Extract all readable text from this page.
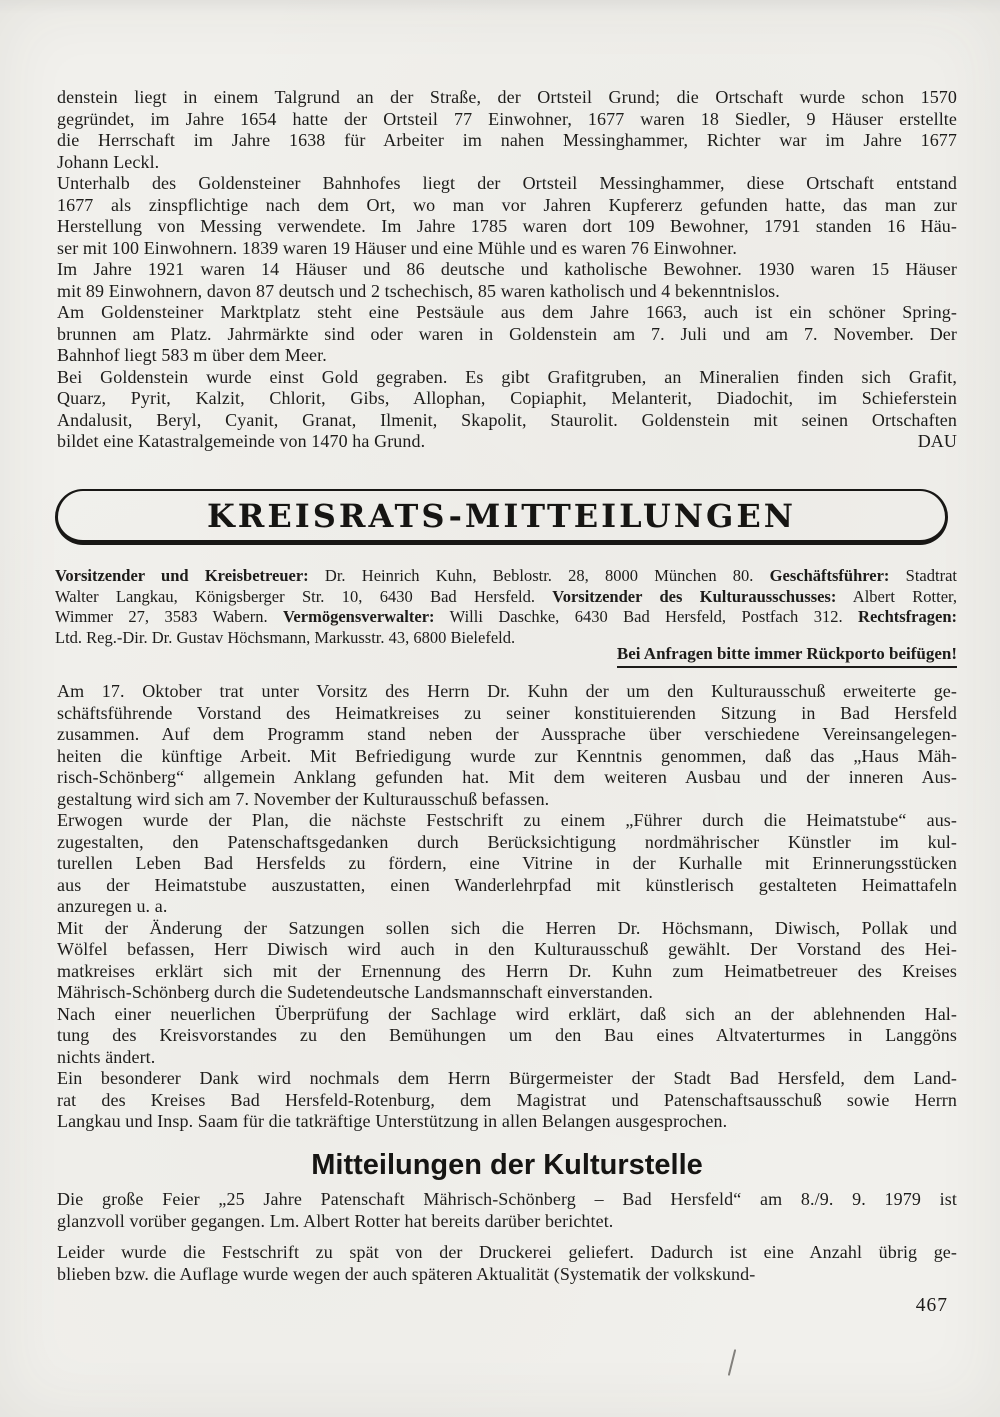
denstein liegt in einem Talgrund an der Straße, der Ortsteil Grund; die Ortschaft wurde schon 1570
gegründet, im Jahre 1654 hatte der Ortsteil 77 Einwohner, 1677 waren 18 Siedler, 9 Häuser erstellte
die Herrschaft im Jahre 1638 für Arbeiter im nahen Messinghammer, Richter war im Jahre 1677
Johann Leckl.
Unterhalb des Goldensteiner Bahnhofes liegt der Ortsteil Messinghammer, diese Ortschaft entstand
1677 als zinspflichtige nach dem Ort, wo man vor Jahren Kupfererz gefunden hatte, das man zur
Herstellung von Messing verwendete. Im Jahre 1785 waren dort 109 Bewohner, 1791 standen 16 Häu-
ser mit 100 Einwohnern. 1839 waren 19 Häuser und eine Mühle und es waren 76 Einwohner.
Im Jahre 1921 waren 14 Häuser und 86 deutsche und katholische Bewohner. 1930 waren 15 Häuser
mit 89 Einwohnern, davon 87 deutsch und 2 tschechisch, 85 waren katholisch und 4 bekenntnislos.
Am Goldensteiner Marktplatz steht eine Pestsäule aus dem Jahre 1663, auch ist ein schöner Spring-
brunnen am Platz. Jahrmärkte sind oder waren in Goldenstein am 7. Juli und am 7. November. Der
Bahnhof liegt 583 m über dem Meer.
Bei Goldenstein wurde einst Gold gegraben. Es gibt Grafitgruben, an Mineralien finden sich Grafit,
Quarz, Pyrit, Kalzit, Chlorit, Gibs, Allophan, Copiaphit, Melanterit, Diadochit, im Schieferstein
Andalusit, Beryl, Cyanit, Granat, Ilmenit, Skapolit, Staurolit. Goldenstein mit seinen Ortschaften
DAU
bildet eine Katastralgemeinde von 1470 ha Grund.
KREISRATS-MITTEILUNGEN
Vorsitzender und Kreisbetreuer: Dr. Heinrich Kuhn, Beblostr. 28, 8000 München 80. Geschäftsführer: Stadtrat
Walter Langkau, Königsberger Str. 10, 6430 Bad Hersfeld. Vorsitzender des Kulturausschusses: Albert Rotter,
Wimmer 27, 3583 Wabern. Vermögensverwalter: Willi Daschke, 6430 Bad Hersfeld, Postfach 312. Rechtsfragen:
Ltd. Reg.-Dir. Dr. Gustav Höchsmann, Markusstr. 43, 6800 Bielefeld.
Bei Anfragen bitte immer Rückporto beifügen!
Am 17. Oktober trat unter Vorsitz des Herrn Dr. Kuhn der um den Kulturausschuß erweiterte ge-
schäftsführende Vorstand des Heimatkreises zu seiner konstituierenden Sitzung in Bad Hersfeld
zusammen. Auf dem Programm stand neben der Aussprache über verschiedene Vereinsangelegen-
heiten die künftige Arbeit. Mit Befriedigung wurde zur Kenntnis genommen, daß das „Haus Mäh-
risch-Schönberg“ allgemein Anklang gefunden hat. Mit dem weiteren Ausbau und der inneren Aus-
gestaltung wird sich am 7. November der Kulturausschuß befassen.
Erwogen wurde der Plan, die nächste Festschrift zu einem „Führer durch die Heimatstube“ aus-
zugestalten, den Patenschaftsgedanken durch Berücksichtigung nordmährischer Künstler im kul-
turellen Leben Bad Hersfelds zu fördern, eine Vitrine in der Kurhalle mit Erinnerungsstücken
aus der Heimatstube auszustatten, einen Wanderlehrpfad mit künstlerisch gestalteten Heimattafeln
anzuregen u. a.
Mit der Änderung der Satzungen sollen sich die Herren Dr. Höchsmann, Diwisch, Pollak und
Wölfel befassen, Herr Diwisch wird auch in den Kulturausschuß gewählt. Der Vorstand des Hei-
matkreises erklärt sich mit der Ernennung des Herrn Dr. Kuhn zum Heimatbetreuer des Kreises
Mährisch-Schönberg durch die Sudetendeutsche Landsmannschaft einverstanden.
Nach einer neuerlichen Überprüfung der Sachlage wird erklärt, daß sich an der ablehnenden Hal-
tung des Kreisvorstandes zu den Bemühungen um den Bau eines Altvaterturmes in Langgöns
nichts ändert.
Ein besonderer Dank wird nochmals dem Herrn Bürgermeister der Stadt Bad Hersfeld, dem Land-
rat des Kreises Bad Hersfeld-Rotenburg, dem Magistrat und Patenschaftsausschuß sowie Herrn
Langkau und Insp. Saam für die tatkräftige Unterstützung in allen Belangen ausgesprochen.
Mitteilungen der Kulturstelle
Die große Feier „25 Jahre Patenschaft Mährisch-Schönberg – Bad Hersfeld“ am 8./9. 9. 1979 ist
glanzvoll vorüber gegangen. Lm. Albert Rotter hat bereits darüber berichtet.
Leider wurde die Festschrift zu spät von der Druckerei geliefert. Dadurch ist eine Anzahl übrig ge-
blieben bzw. die Auflage wurde wegen der auch späteren Aktualität (Systematik der volkskund-
467
